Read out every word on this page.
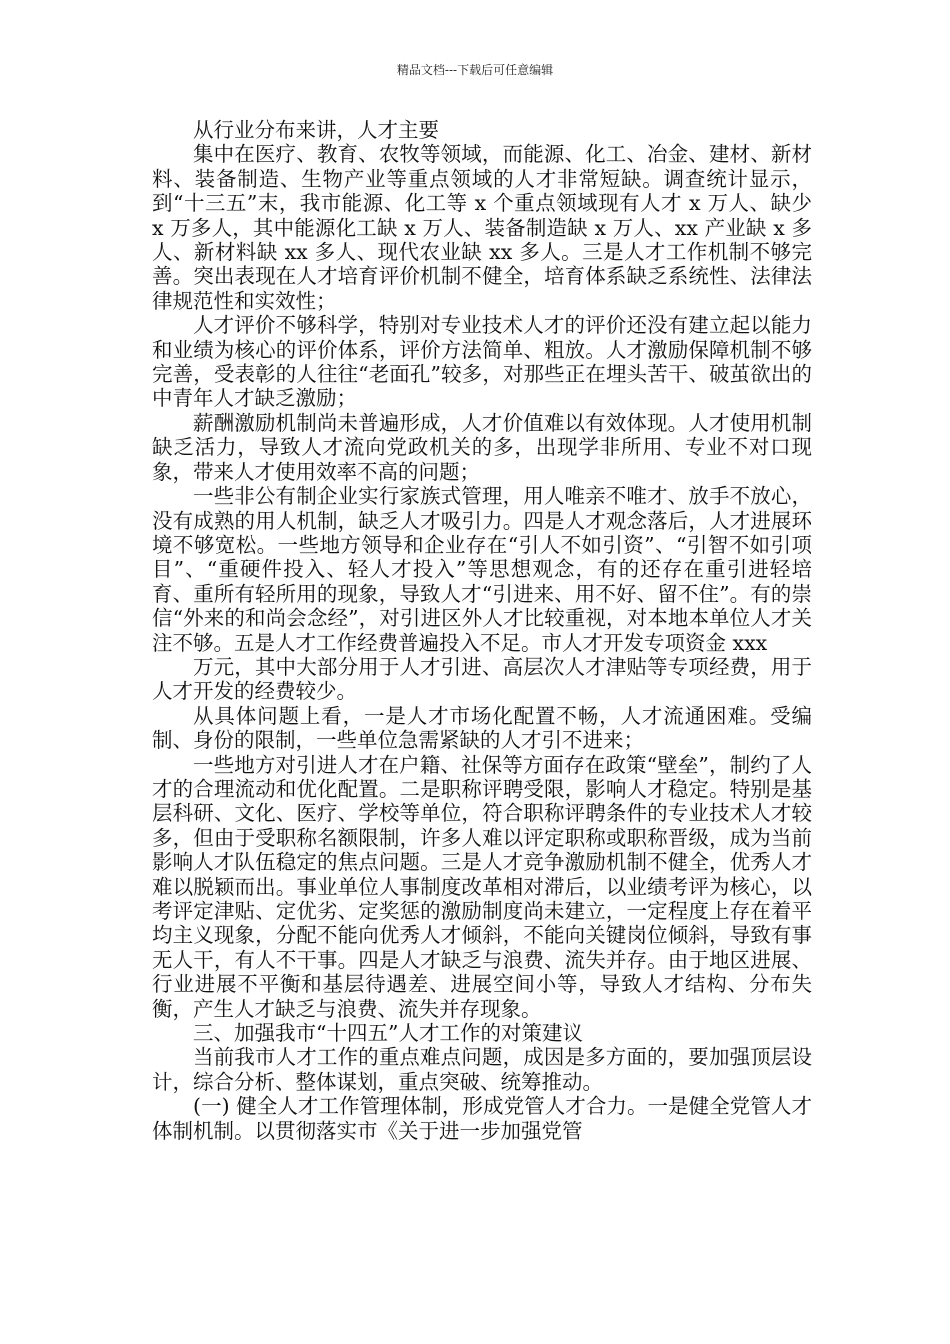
精品文档---下载后可任意编辑

从行业分布来讲，人才主要

集中在医疗、教育、农牧等领域，而能源、化工、冶金、建材、新材料、装备制造、生物产业等重点领域的人才非常短缺。调查统计显示，到“十三五”末，我市能源、化工等 x 个重点领域现有人才 x 万人、缺少 x 万多人，其中能源化工缺 x 万人、装备制造缺 x 万人、xx 产业缺 x 多人、新材料缺 xx 多人、现代农业缺 xx 多人。三是人才工作机制不够完善。突出表现在人才培育评价机制不健全，培育体系缺乏系统性、法律法律规范性和实效性；

人才评价不够科学，特别对专业技术人才的评价还没有建立起以能力和业绩为核心的评价体系，评价方法简单、粗放。人才激励保障机制不够完善，受表彰的人往往“老面孔”较多，对那些正在埋头苦干、破茧欲出的中青年人才缺乏激励；

薪酬激励机制尚未普遍形成，人才价值难以有效体现。人才使用机制缺乏活力，导致人才流向党政机关的多，出现学非所用、专业不对口现象，带来人才使用效率不高的问题；

一些非公有制企业实行家族式管理，用人唯亲不唯才、放手不放心，没有成熟的用人机制，缺乏人才吸引力。四是人才观念落后，人才进展环境不够宽松。一些地方领导和企业存在“引人不如引资”、“引智不如引项目”、“重硬件投入、轻人才投入”等思想观念，有的还存在重引进轻培育、重所有轻所用的现象，导致人才“引进来、用不好、留不住”。有的崇信“外来的和尚会念经”，对引进区外人才比较重视，对本地本单位人才关注不够。五是人才工作经费普遍投入不足。市人才开发专项资金 xxx

万元，其中大部分用于人才引进、高层次人才津贴等专项经费，用于人才开发的经费较少。

从具体问题上看，一是人才市场化配置不畅，人才流通困难。受编制、身份的限制，一些单位急需紧缺的人才引不进来；

一些地方对引进人才在户籍、社保等方面存在政策“壁垒”，制约了人才的合理流动和优化配置。二是职称评聘受限，影响人才稳定。特别是基层科研、文化、医疗、学校等单位，符合职称评聘条件的专业技术人才较多，但由于受职称名额限制，许多人难以评定职称或职称晋级，成为当前影响人才队伍稳定的焦点问题。三是人才竞争激励机制不健全，优秀人才难以脱颖而出。事业单位人事制度改革相对滞后，以业绩考评为核心，以考评定津贴、定优劣、定奖惩的激励制度尚未建立，一定程度上存在着平均主义现象，分配不能向优秀人才倾斜，不能向关键岗位倾斜，导致有事无人干，有人不干事。四是人才缺乏与浪费、流失并存。由于地区进展、行业进展不平衡和基层待遇差、进展空间小等，导致人才结构、分布失衡，产生人才缺乏与浪费、流失并存现象。

三、加强我市“十四五”人才工作的对策建议

当前我市人才工作的重点难点问题，成因是多方面的，要加强顶层设计，综合分析、整体谋划，重点突破、统筹推动。

(一) 健全人才工作管理体制，形成党管人才合力。一是健全党管人才体制机制。以贯彻落实市《关于进一步加强党管
